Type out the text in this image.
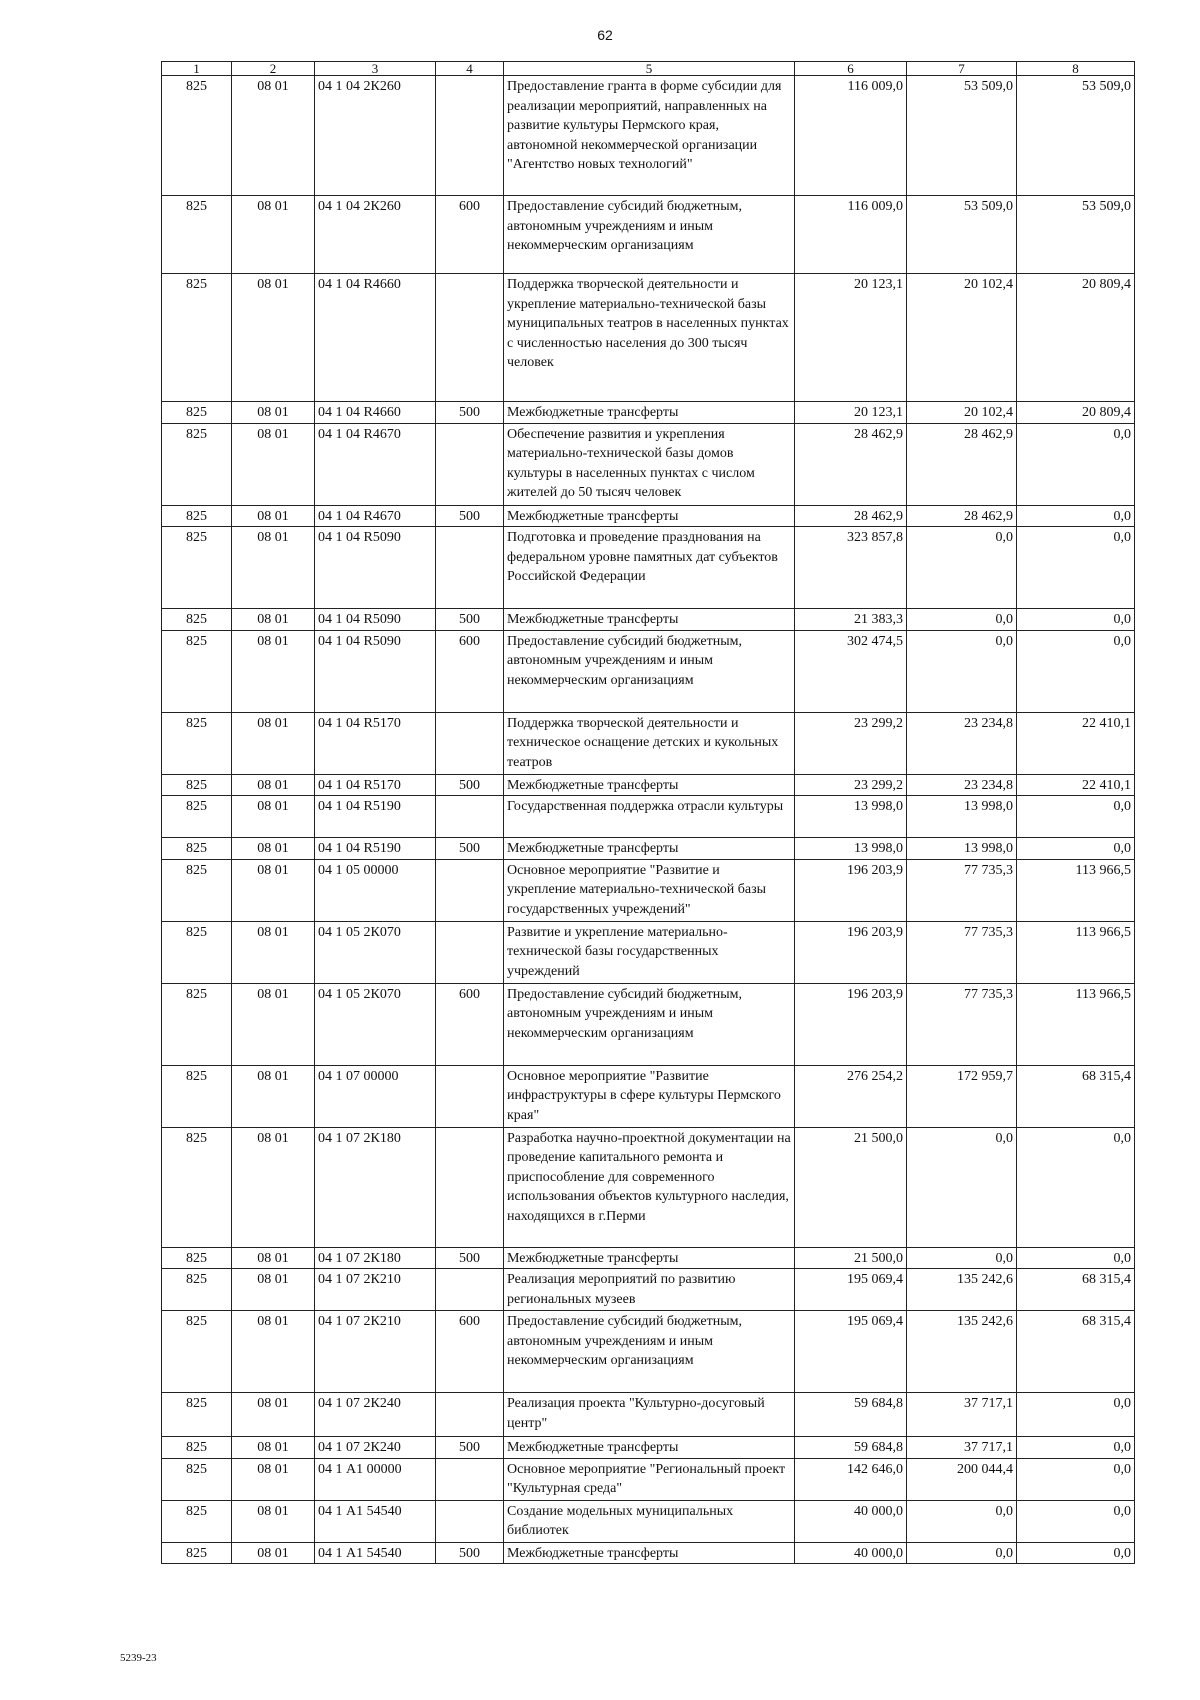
62
1	2	3	4	5	6	7	8
825	08 01	04 1 04 2К260		Предоставление гранта в форме субсидии для реализации мероприятий, направленных на развитие культуры Пермского края, автономной некоммерческой организации "Агентство новых технологий"	116 009,0	53 509,0	53 509,0
825	08 01	04 1 04 2К260	600	Предоставление субсидий бюджетным, автономным учреждениям и иным некоммерческим организациям	116 009,0	53 509,0	53 509,0
825	08 01	04 1 04 R4660		Поддержка творческой деятельности и укрепление материально-технической базы муниципальных театров в населенных пунктах с численностью населения до 300 тысяч человек	20 123,1	20 102,4	20 809,4
825	08 01	04 1 04 R4660	500	Межбюджетные трансферты	20 123,1	20 102,4	20 809,4
825	08 01	04 1 04 R4670		Обеспечение развития и укрепления материально-технической базы домов культуры в населенных пунктах с числом жителей до 50 тысяч человек	28 462,9	28 462,9	0,0
825	08 01	04 1 04 R4670	500	Межбюджетные трансферты	28 462,9	28 462,9	0,0
825	08 01	04 1 04 R5090		Подготовка и проведение празднования на федеральном уровне памятных дат субъектов Российской Федерации	323 857,8	0,0	0,0
825	08 01	04 1 04 R5090	500	Межбюджетные трансферты	21 383,3	0,0	0,0
825	08 01	04 1 04 R5090	600	Предоставление субсидий бюджетным, автономным учреждениям и иным некоммерческим организациям	302 474,5	0,0	0,0
825	08 01	04 1 04 R5170		Поддержка творческой деятельности и техническое оснащение детских и кукольных театров	23 299,2	23 234,8	22 410,1
825	08 01	04 1 04 R5170	500	Межбюджетные трансферты	23 299,2	23 234,8	22 410,1
825	08 01	04 1 04 R5190		Государственная поддержка отрасли культуры	13 998,0	13 998,0	0,0
825	08 01	04 1 04 R5190	500	Межбюджетные трансферты	13 998,0	13 998,0	0,0
825	08 01	04 1 05 00000		Основное мероприятие "Развитие и укрепление материально-технической базы государственных учреждений"	196 203,9	77 735,3	113 966,5
825	08 01	04 1 05 2К070		Развитие и укрепление материально-технической базы государственных учреждений	196 203,9	77 735,3	113 966,5
825	08 01	04 1 05 2К070	600	Предоставление субсидий бюджетным, автономным учреждениям и иным некоммерческим организациям	196 203,9	77 735,3	113 966,5
825	08 01	04 1 07 00000		Основное мероприятие "Развитие инфраструктуры в сфере культуры Пермского края"	276 254,2	172 959,7	68 315,4
825	08 01	04 1 07 2К180		Разработка научно-проектной документации на проведение капитального ремонта и приспособление для современного использования объектов культурного наследия, находящихся в г.Перми	21 500,0	0,0	0,0
825	08 01	04 1 07 2К180	500	Межбюджетные трансферты	21 500,0	0,0	0,0
825	08 01	04 1 07 2К210		Реализация мероприятий по развитию региональных музеев	195 069,4	135 242,6	68 315,4
825	08 01	04 1 07 2К210	600	Предоставление субсидий бюджетным, автономным учреждениям и иным некоммерческим организациям	195 069,4	135 242,6	68 315,4
825	08 01	04 1 07 2К240		Реализация проекта "Культурно-досуговый центр"	59 684,8	37 717,1	0,0
825	08 01	04 1 07 2К240	500	Межбюджетные трансферты	59 684,8	37 717,1	0,0
825	08 01	04 1 А1 00000		Основное мероприятие "Региональный проект "Культурная среда"	142 646,0	200 044,4	0,0
825	08 01	04 1 А1 54540		Создание модельных муниципальных библиотек	40 000,0	0,0	0,0
825	08 01	04 1 А1 54540	500	Межбюджетные трансферты	40 000,0	0,0	0,0
5239-23
